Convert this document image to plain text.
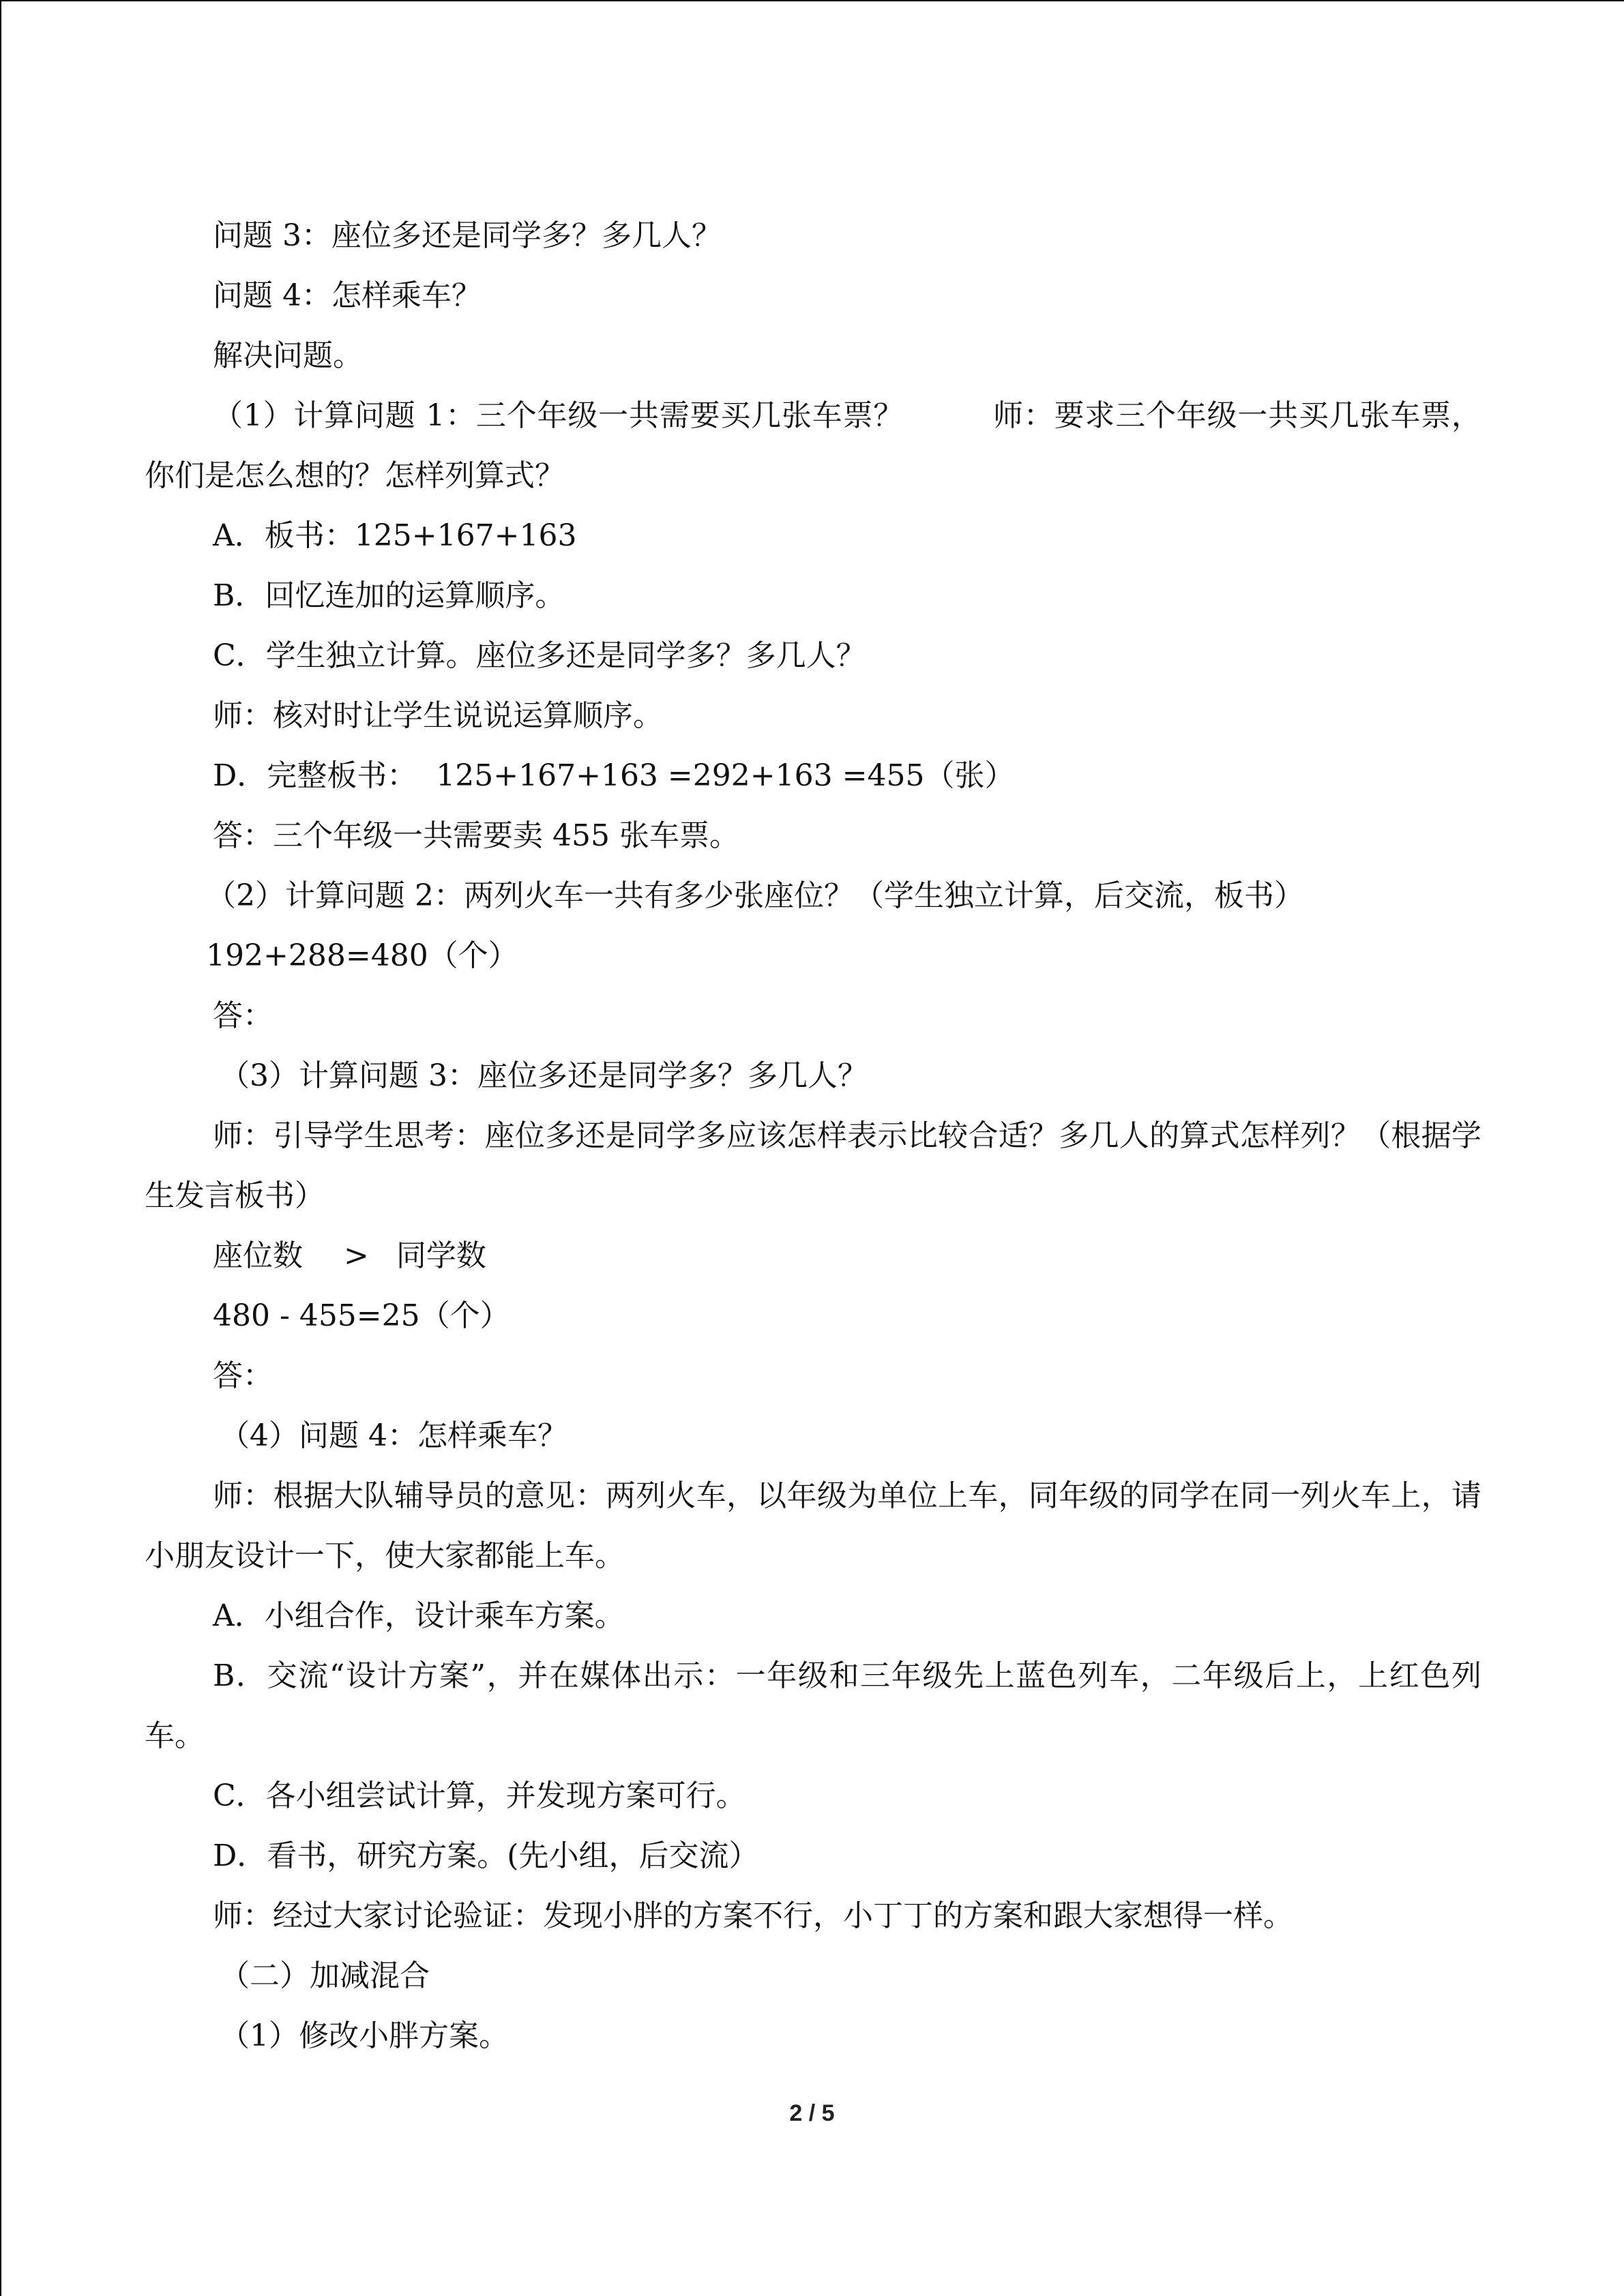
问题 3：座位多还是同学多？多几人？
问题 4：怎样乘车？
解决问题。
（1）计算问题 1：三个年级一共需要买几张车票？	师：要求三个年级一共买几张车票，你们是怎么想的？怎样列算式？
A．板书：125+167+163
B．回忆连加的运算顺序。
C．学生独立计算。座位多还是同学多？多几人？
师：核对时让学生说说运算顺序。
D．完整板书：  125+167+163 =292+163 =455（张）
答：三个年级一共需要卖 455 张车票。
（2）计算问题 2：两列火车一共有多少张座位？（学生独立计算，后交流，板书）
192+288=480（个）
答：
（3）计算问题 3：座位多还是同学多？多几人？
师：引导学生思考：座位多还是同学多应该怎样表示比较合适？多几人的算式怎样列？（根据学生发言板书）
座位数 > 同学数
480 - 455=25（个）
答：
（4）问题 4：怎样乘车？
师：根据大队辅导员的意见：两列火车，以年级为单位上车，同年级的同学在同一列火车上，请小朋友设计一下，使大家都能上车。
A．小组合作，设计乘车方案。
B．交流“设计方案”，并在媒体出示：一年级和三年级先上蓝色列车，二年级后上，上红色列车。
C．各小组尝试计算，并发现方案可行。
D．看书，研究方案。(先小组，后交流）
师：经过大家讨论验证：发现小胖的方案不行，小丁丁的方案和跟大家想得一样。
（二）加减混合
（1）修改小胖方案。
2 / 5
